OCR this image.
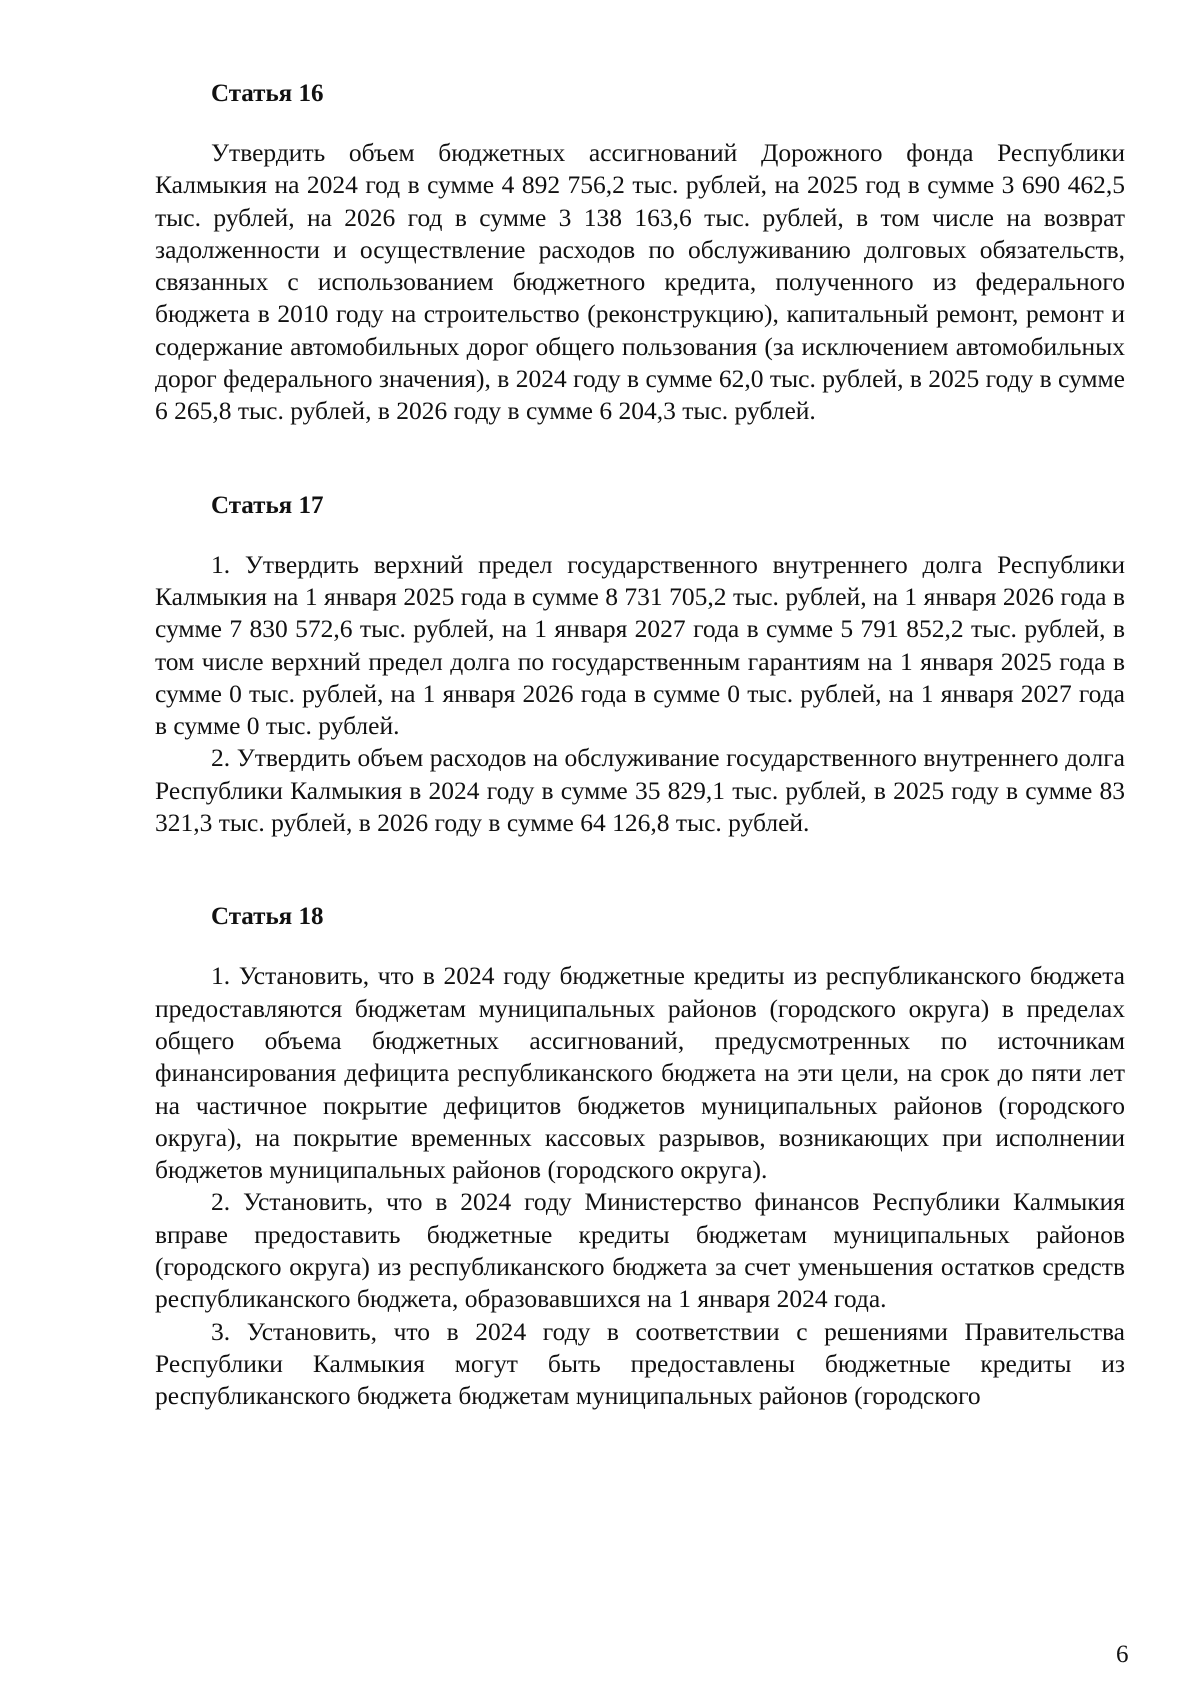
Статья 16

Утвердить объем бюджетных ассигнований Дорожного фонда Республики Калмыкия на 2024 год в сумме 4 892 756,2 тыс. рублей, на 2025 год в сумме 3 690 462,5 тыс. рублей, на 2026 год в сумме 3 138 163,6 тыс. рублей, в том числе на возврат задолженности и осуществление расходов по обслуживанию долговых обязательств, связанных с использованием бюджетного кредита, полученного из федерального бюджета в 2010 году на строительство (реконструкцию), капитальный ремонт, ремонт и содержание автомобильных дорог общего пользования (за исключением автомобильных дорог федерального значения), в 2024 году в сумме 62,0 тыс. рублей, в 2025 году в сумме 6 265,8 тыс. рублей, в 2026 году в сумме 6 204,3 тыс. рублей.

Статья 17

1. Утвердить верхний предел государственного внутреннего долга Республики Калмыкия на 1 января 2025 года в сумме 8 731 705,2 тыс. рублей, на 1 января 2026 года в сумме 7 830 572,6 тыс. рублей, на 1 января 2027 года в сумме 5 791 852,2 тыс. рублей, в том числе верхний предел долга по государственным гарантиям на 1 января 2025 года в сумме 0 тыс. рублей, на 1 января 2026 года в сумме 0 тыс. рублей, на 1 января 2027 года в сумме 0 тыс. рублей.

2. Утвердить объем расходов на обслуживание государственного внутреннего долга Республики Калмыкия в 2024 году в сумме 35 829,1 тыс. рублей, в 2025 году в сумме 83 321,3 тыс. рублей, в 2026 году в сумме 64 126,8 тыс. рублей.

Статья 18

1. Установить, что в 2024 году бюджетные кредиты из республиканского бюджета предоставляются бюджетам муниципальных районов (городского округа) в пределах общего объема бюджетных ассигнований, предусмотренных по источникам финансирования дефицита республиканского бюджета на эти цели, на срок до пяти лет на частичное покрытие дефицитов бюджетов муниципальных районов (городского округа), на покрытие временных кассовых разрывов, возникающих при исполнении бюджетов муниципальных районов (городского округа).

2. Установить, что в 2024 году Министерство финансов Республики Калмыкия вправе предоставить бюджетные кредиты бюджетам муниципальных районов (городского округа) из республиканского бюджета за счет уменьшения остатков средств республиканского бюджета, образовавшихся на 1 января 2024 года.

3. Установить, что в 2024 году в соответствии с решениями Правительства Республики Калмыкия могут быть предоставлены бюджетные кредиты из республиканского бюджета бюджетам муниципальных районов (городского

6
